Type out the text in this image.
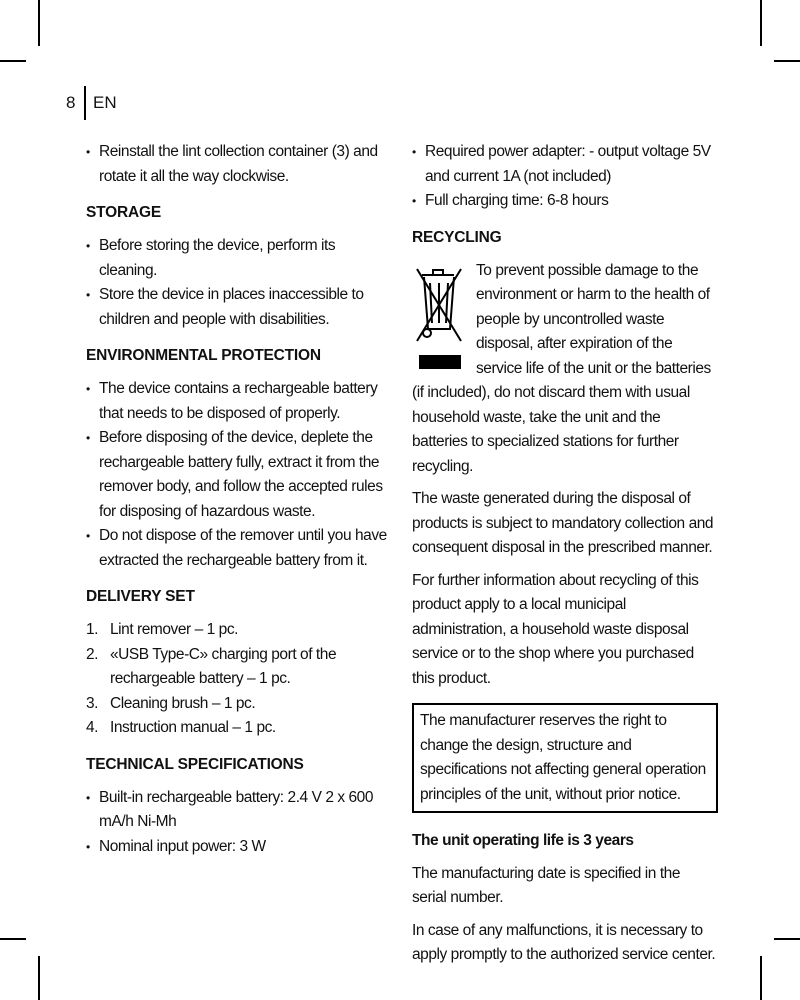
8 EN
• Reinstall the lint collection container (3) and rotate it all the way clockwise.
STORAGE
• Before storing the device, perform its cleaning.
• Store the device in places inaccessible to children and people with disabilities.
ENVIRONMENTAL PROTECTION
• The device contains a rechargeable battery that needs to be disposed of properly.
• Before disposing of the device, deplete the rechargeable battery fully, extract it from the remover body, and follow the accepted rules for disposing of hazardous waste.
• Do not dispose of the remover until you have extracted the rechargeable battery from it.
DELIVERY SET
1. Lint remover – 1 pc.
2. «USB Type-C» charging port of the rechargeable battery – 1 pc.
3. Cleaning brush – 1 pc.
4. Instruction manual – 1 pc.
TECHNICAL SPECIFICATIONS
• Built-in rechargeable battery: 2.4 V 2 x 600 mA/h Ni-Mh
• Nominal input power: 3 W
• Required power adapter: - output voltage 5V and current 1A (not included)
• Full charging time: 6-8 hours
RECYCLING

To prevent possible damage to the environment or harm to the health of people by uncontrolled waste disposal, after expiration of the service life of the unit or the batteries (if included), do not discard them with usual household waste, take the unit and the batteries to specialized stations for further recycling.

The waste generated during the disposal of products is subject to mandatory collection and consequent disposal in the prescribed manner.

For further information about recycling of this product apply to a local municipal administration, a household waste disposal service or to the shop where you purchased this product.

The manufacturer reserves the right to change the design, structure and specifications not affecting general operation principles of the unit, without prior notice.

The unit operating life is 3 years

The manufacturing date is specified in the serial number.

In case of any malfunctions, it is necessary to apply promptly to the authorized service center.
